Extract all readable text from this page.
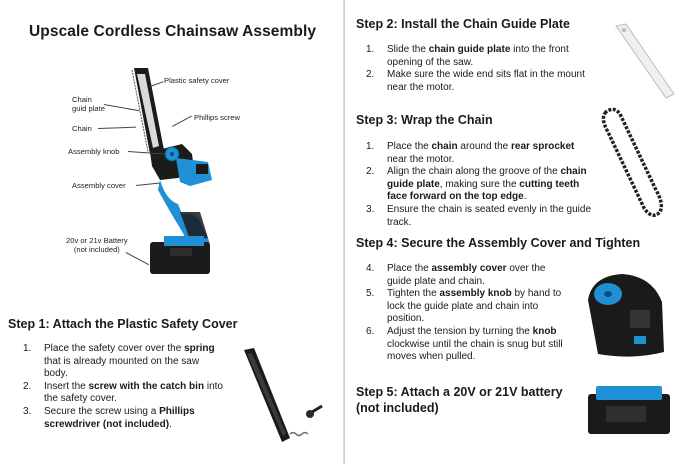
Upscale Cordless Chainsaw Assembly
Plastic safety cover
Chain
guid plate
Phillips screw
Chain
Assembly knob
Assembly cover
20v or 21v Battery
(not included)
Step 1: Attach the Plastic Safety Cover
1. Place the safety cover over the spring
that is already mounted on the saw
body.
2. Insert the screw with the catch bin into
the safety cover.
3. Secure the screw using a Phillips
screwdriver (not included).
Step 2: Install the Chain Guide Plate
1. Slide the chain guide plate into the front
opening of the saw.
2. Make sure the wide end sits flat in the mount
near the motor.
Step 3: Wrap the Chain
1. Place the chain around the rear sprocket
near the motor.
2. Align the chain along the groove of the chain
guide plate, making sure the cutting teeth
face forward on the top edge.
3. Ensure the chain is seated evenly in the guide track.
Step 4: Secure the Assembly Cover and Tighten
4. Place the assembly cover over the
guide plate and chain.
5. Tighten the assembly knob by hand to
lock the guide plate and chain into
position.
6. Adjust the tension by turning the knob
clockwise until the chain is snug but still
moves when pulled.
Step 5: Attach a 20V or 21V battery
(not included)
